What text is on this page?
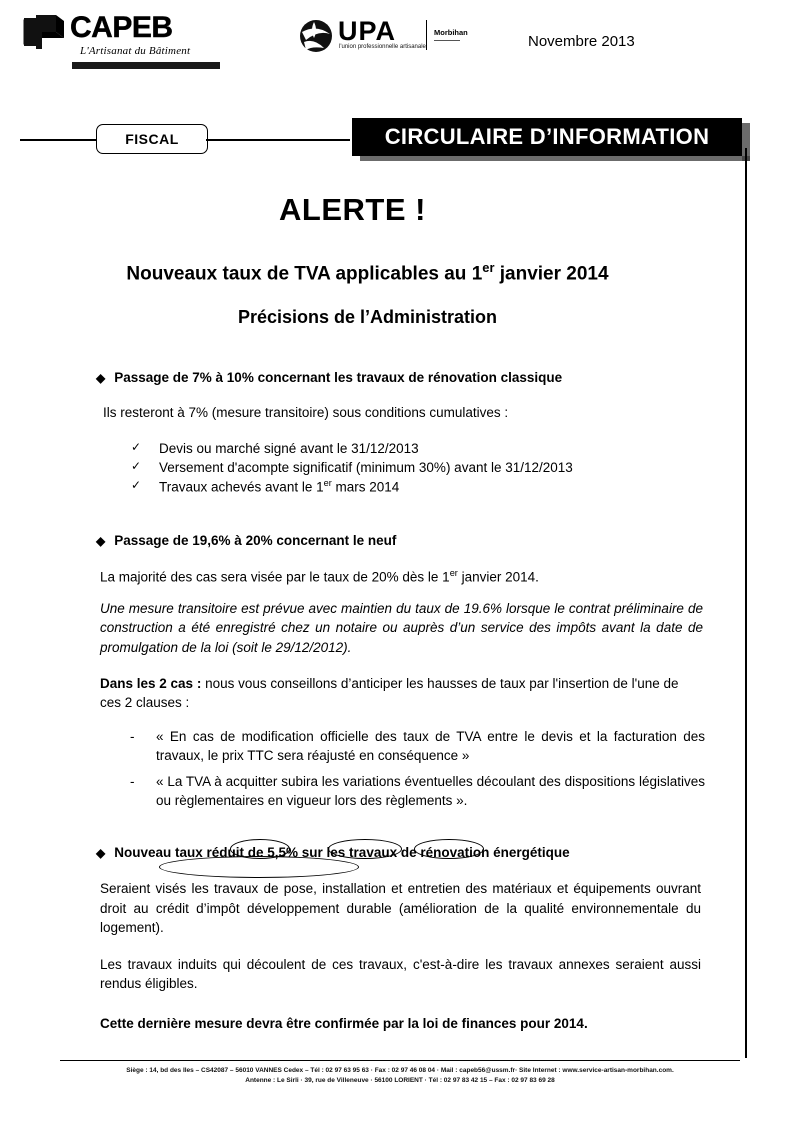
CAPEB
L'Artisanat du Bâtiment
UPA
l'union professionnelle artisanale
Morbihan
Novembre 2013
FISCAL	CIRCULAIRE D’INFORMATION
ALERTE !
Nouveaux taux de TVA applicables au 1er janvier 2014
Précisions de l’Administration
◆ Passage de 7% à 10% concernant les travaux de rénovation classique
Ils resteront à 7% (mesure transitoire) sous conditions cumulatives :
✓ Devis ou marché signé avant le 31/12/2013
✓ Versement d'acompte significatif (minimum 30%) avant le 31/12/2013
✓ Travaux achevés avant le 1er mars 2014
◆ Passage de 19,6% à 20% concernant le neuf
La majorité des cas sera visée par le taux de 20% dès le 1er janvier 2014.
Une mesure transitoire est prévue avec maintien du taux de 19.6% lorsque le contrat préliminaire de construction a été enregistré chez un notaire ou auprès d’un service des impôts avant la date de promulgation de la loi (soit le 29/12/2012).
Dans les 2 cas : nous vous conseillons d’anticiper les hausses de taux par l'insertion de l'une de ces 2 clauses :
- « En cas de modification officielle des taux de TVA entre le devis et la facturation des travaux, le prix TTC sera réajusté en conséquence »
- « La TVA à acquitter subira les variations éventuelles découlant des dispositions législatives ou règlementaires en vigueur lors des règlements ».
◆ Nouveau taux réduit de 5,5% sur les travaux de rénovation énergétique
Seraient visés les travaux de pose, installation et entretien des matériaux et équipements ouvrant droit au crédit d’impôt développement durable (amélioration de la qualité environnementale du logement).
Les travaux induits qui découlent de ces travaux, c'est-à-dire les travaux annexes seraient aussi rendus éligibles.
Cette dernière mesure devra être confirmée par la loi de finances pour 2014.
Siège : 14, bd des Iles – CS42087 – 56010 VANNES Cedex – Tél : 02 97 63 95 63 · Fax : 02 97 46 08 04 · Mail : capeb56@ussm.fr· Site Internet : www.service-artisan-morbihan.com.
Antenne : Le Sirli · 39, rue de Villeneuve · 56100 LORIENT · Tél : 02 97 83 42 15 – Fax : 02 97 83 69 28
